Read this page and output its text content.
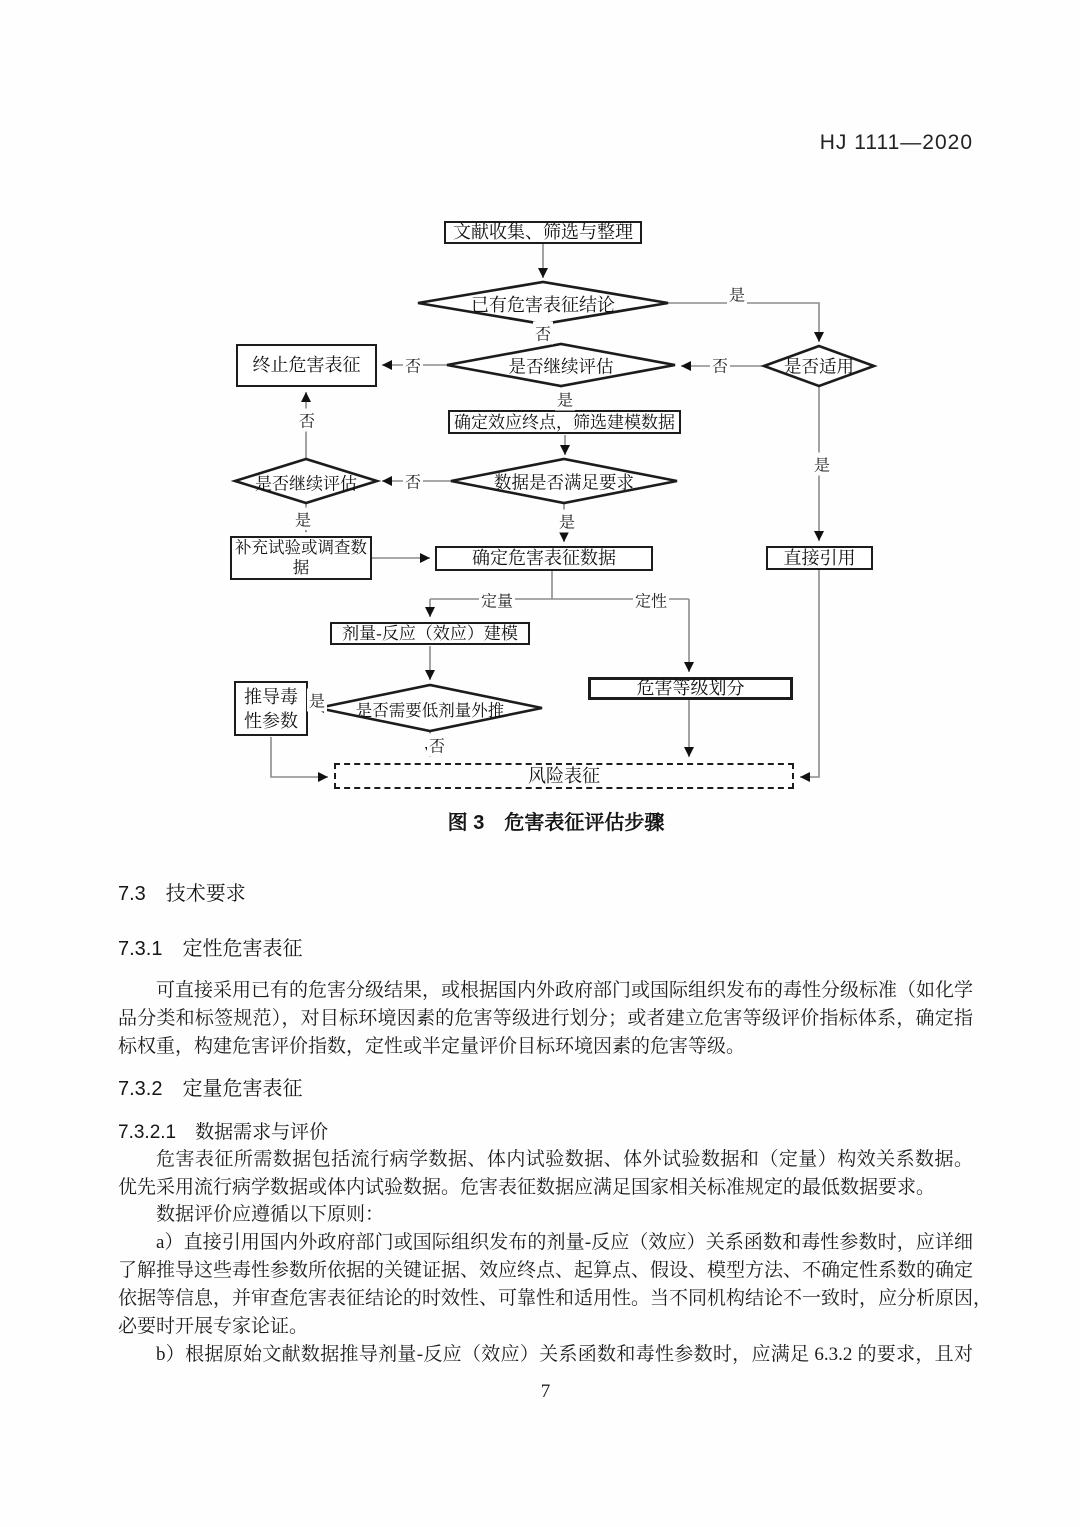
HJ 1111—2020
文献收集、筛选与整理
终止危害表征
确定效应终点，筛选建模数据
补充试验或调查数据	确定危害表征数据	直接引用
剂量-反应（效应）建模
危害等级划分
推导毒性参数
风险表征
已有危害表征结论
是否适用
是否继续评估
数据是否满足要求
是否继续评估
是否需要低剂量外推
是
否
否	否
是
否
否
是
是
是
定量	定性
是
否
图 3　危害表征评估步骤
7.3　技术要求
7.3.1　定性危害表征
7.3.2　定量危害表征
7.3.2.1　数据需求与评价
可直接采用已有的危害分级结果，或根据国内外政府部门或国际组织发布的毒性分级标准（如化学
品分类和标签规范），对目标环境因素的危害等级进行划分；或者建立危害等级评价指标体系，确定指
标权重，构建危害评价指数，定性或半定量评价目标环境因素的危害等级。
危害表征所需数据包括流行病学数据、体内试验数据、体外试验数据和（定量）构效关系数据。
优先采用流行病学数据或体内试验数据。危害表征数据应满足国家相关标准规定的最低数据要求。
数据评价应遵循以下原则：
a）直接引用国内外政府部门或国际组织发布的剂量-反应（效应）关系函数和毒性参数时，应详细
了解推导这些毒性参数所依据的关键证据、效应终点、起算点、假设、模型方法、不确定性系数的确定
依据等信息，并审查危害表征结论的时效性、可靠性和适用性。当不同机构结论不一致时，应分析原因，
必要时开展专家论证。
b）根据原始文献数据推导剂量-反应（效应）关系函数和毒性参数时，应满足 6.3.2 的要求，且对
7
